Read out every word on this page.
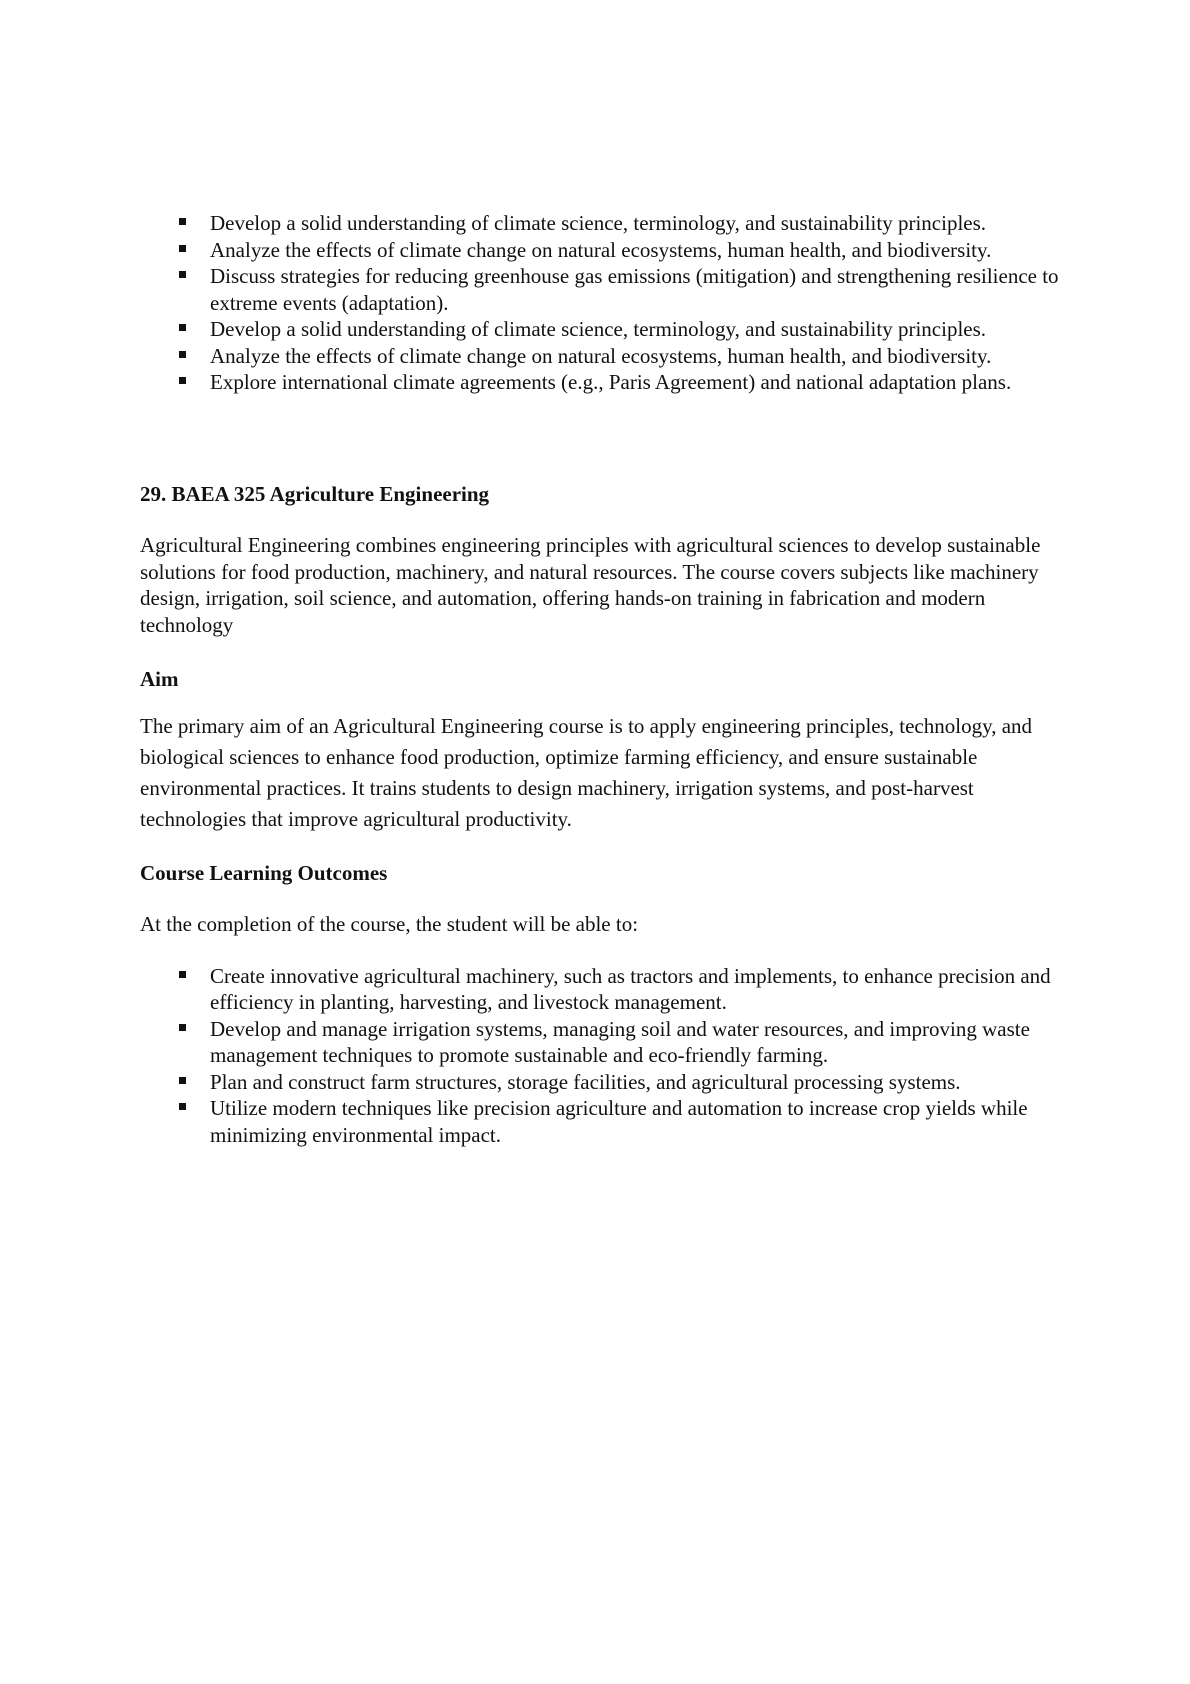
Develop a solid understanding of climate science, terminology, and sustainability principles.
Analyze the effects of climate change on natural ecosystems, human health, and biodiversity.
Discuss strategies for reducing greenhouse gas emissions (mitigation) and strengthening resilience to extreme events (adaptation).
Develop a solid understanding of climate science, terminology, and sustainability principles.
Analyze the effects of climate change on natural ecosystems, human health, and biodiversity.
Explore international climate agreements (e.g., Paris Agreement) and national adaptation plans.

29. BAEA 325 Agriculture Engineering

Agricultural Engineering combines engineering principles with agricultural sciences to develop sustainable solutions for food production, machinery, and natural resources. The course covers subjects like machinery design, irrigation, soil science, and automation, offering hands-on training in fabrication and modern technology

Aim

The primary aim of an Agricultural Engineering course is to apply engineering principles, technology, and biological sciences to enhance food production, optimize farming efficiency, and ensure sustainable environmental practices. It trains students to design machinery, irrigation systems, and post-harvest technologies that improve agricultural productivity.

Course Learning Outcomes

At the completion of the course, the student will be able to:

Create innovative agricultural machinery, such as tractors and implements, to enhance precision and efficiency in planting, harvesting, and livestock management.
Develop and manage irrigation systems, managing soil and water resources, and improving waste management techniques to promote sustainable and eco-friendly farming.
Plan and construct farm structures, storage facilities, and agricultural processing systems.
Utilize modern techniques like precision agriculture and automation to increase crop yields while minimizing environmental impact.
